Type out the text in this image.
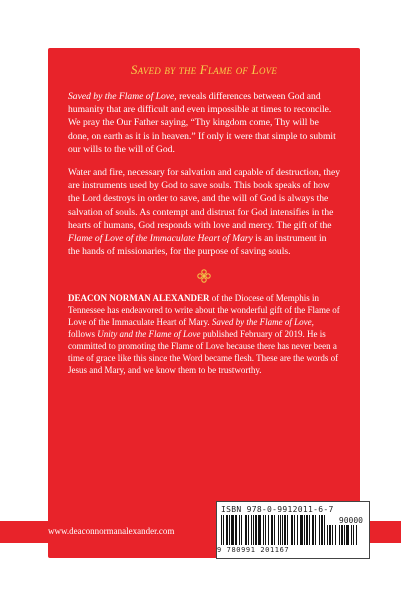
Saved by the Flame of Love

Saved by the Flame of Love, reveals differences between God and humanity that are difficult and even impossible at times to reconcile. We pray the Our Father saying, “Thy kingdom come, Thy will be done, on earth as it is in heaven.” If only it were that simple to submit our wills to the will of God.

Water and fire, necessary for salvation and capable of destruction, they are instruments used by God to save souls. This book speaks of how the Lord destroys in order to save, and the will of God is always the salvation of souls. As contempt and distrust for God intensifies in the hearts of humans, God responds with love and mercy. The gift of the Flame of Love of the Immaculate Heart of Mary is an instrument in the hands of missionaries, for the purpose of saving souls.

DEACON NORMAN ALEXANDER of the Diocese of Memphis in Tennessee has endeavored to write about the wonderful gift of the Flame of Love of the Immaculate Heart of Mary. Saved by the Flame of Love, follows Unity and the Flame of Love published February of 2019. He is committed to promoting the Flame of Love because there has never been a time of grace like this since the Word became flesh. These are the words of Jesus and Mary, and we know them to be trustworthy.

www.deaconnormanalexander.com
ISBN 978-0-9912011-6-7
90000
9 780991 201167
